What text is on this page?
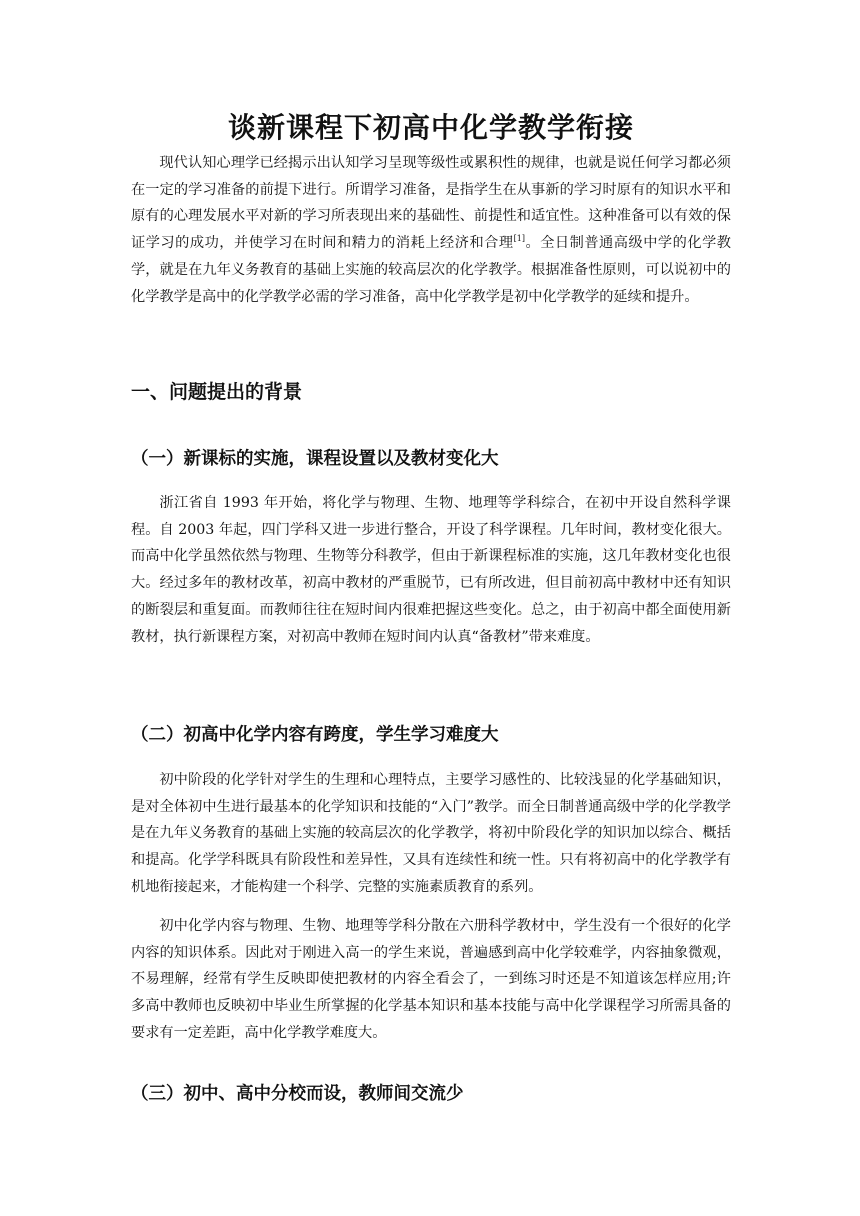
谈新课程下初高中化学教学衔接

现代认知心理学已经揭示出认知学习呈现等级性或累积性的规律，也就是说任何学习都必须在一定的学习准备的前提下进行。所谓学习准备，是指学生在从事新的学习时原有的知识水平和原有的心理发展水平对新的学习所表现出来的基础性、前提性和适宜性。这种准备可以有效的保证学习的成功，并使学习在时间和精力的消耗上经济和合理[1]。全日制普通高级中学的化学教学，就是在九年义务教育的基础上实施的较高层次的化学教学。根据准备性原则，可以说初中的化学教学是高中的化学教学必需的学习准备，高中化学教学是初中化学教学的延续和提升。

一、问题提出的背景
（一）新课标的实施，课程设置以及教材变化大

浙江省自 1993 年开始，将化学与物理、生物、地理等学科综合，在初中开设自然科学课程。自 2003 年起，四门学科又进一步进行整合，开设了科学课程。几年时间，教材变化很大。而高中化学虽然依然与物理、生物等分科教学，但由于新课程标准的实施，这几年教材变化也很大。经过多年的教材改革，初高中教材的严重脱节，已有所改进，但目前初高中教材中还有知识的断裂层和重复面。而教师往往在短时间内很难把握这些变化。总之，由于初高中都全面使用新教材，执行新课程方案，对初高中教师在短时间内认真“备教材”带来难度。

（二）初高中化学内容有跨度，学生学习难度大

初中阶段的化学针对学生的生理和心理特点，主要学习感性的、比较浅显的化学基础知识，是对全体初中生进行最基本的化学知识和技能的“入门”教学。而全日制普通高级中学的化学教学是在九年义务教育的基础上实施的较高层次的化学教学，将初中阶段化学的知识加以综合、概括和提高。化学学科既具有阶段性和差异性，又具有连续性和统一性。只有将初高中的化学教学有机地衔接起来，才能构建一个科学、完整的实施素质教育的系列。

初中化学内容与物理、生物、地理等学科分散在六册科学教材中，学生没有一个很好的化学内容的知识体系。因此对于刚进入高一的学生来说，普遍感到高中化学较难学，内容抽象微观，不易理解，经常有学生反映即使把教材的内容全看会了，一到练习时还是不知道该怎样应用;许多高中教师也反映初中毕业生所掌握的化学基本知识和基本技能与高中化学课程学习所需具备的要求有一定差距，高中化学教学难度大。

（三）初中、高中分校而设，教师间交流少
